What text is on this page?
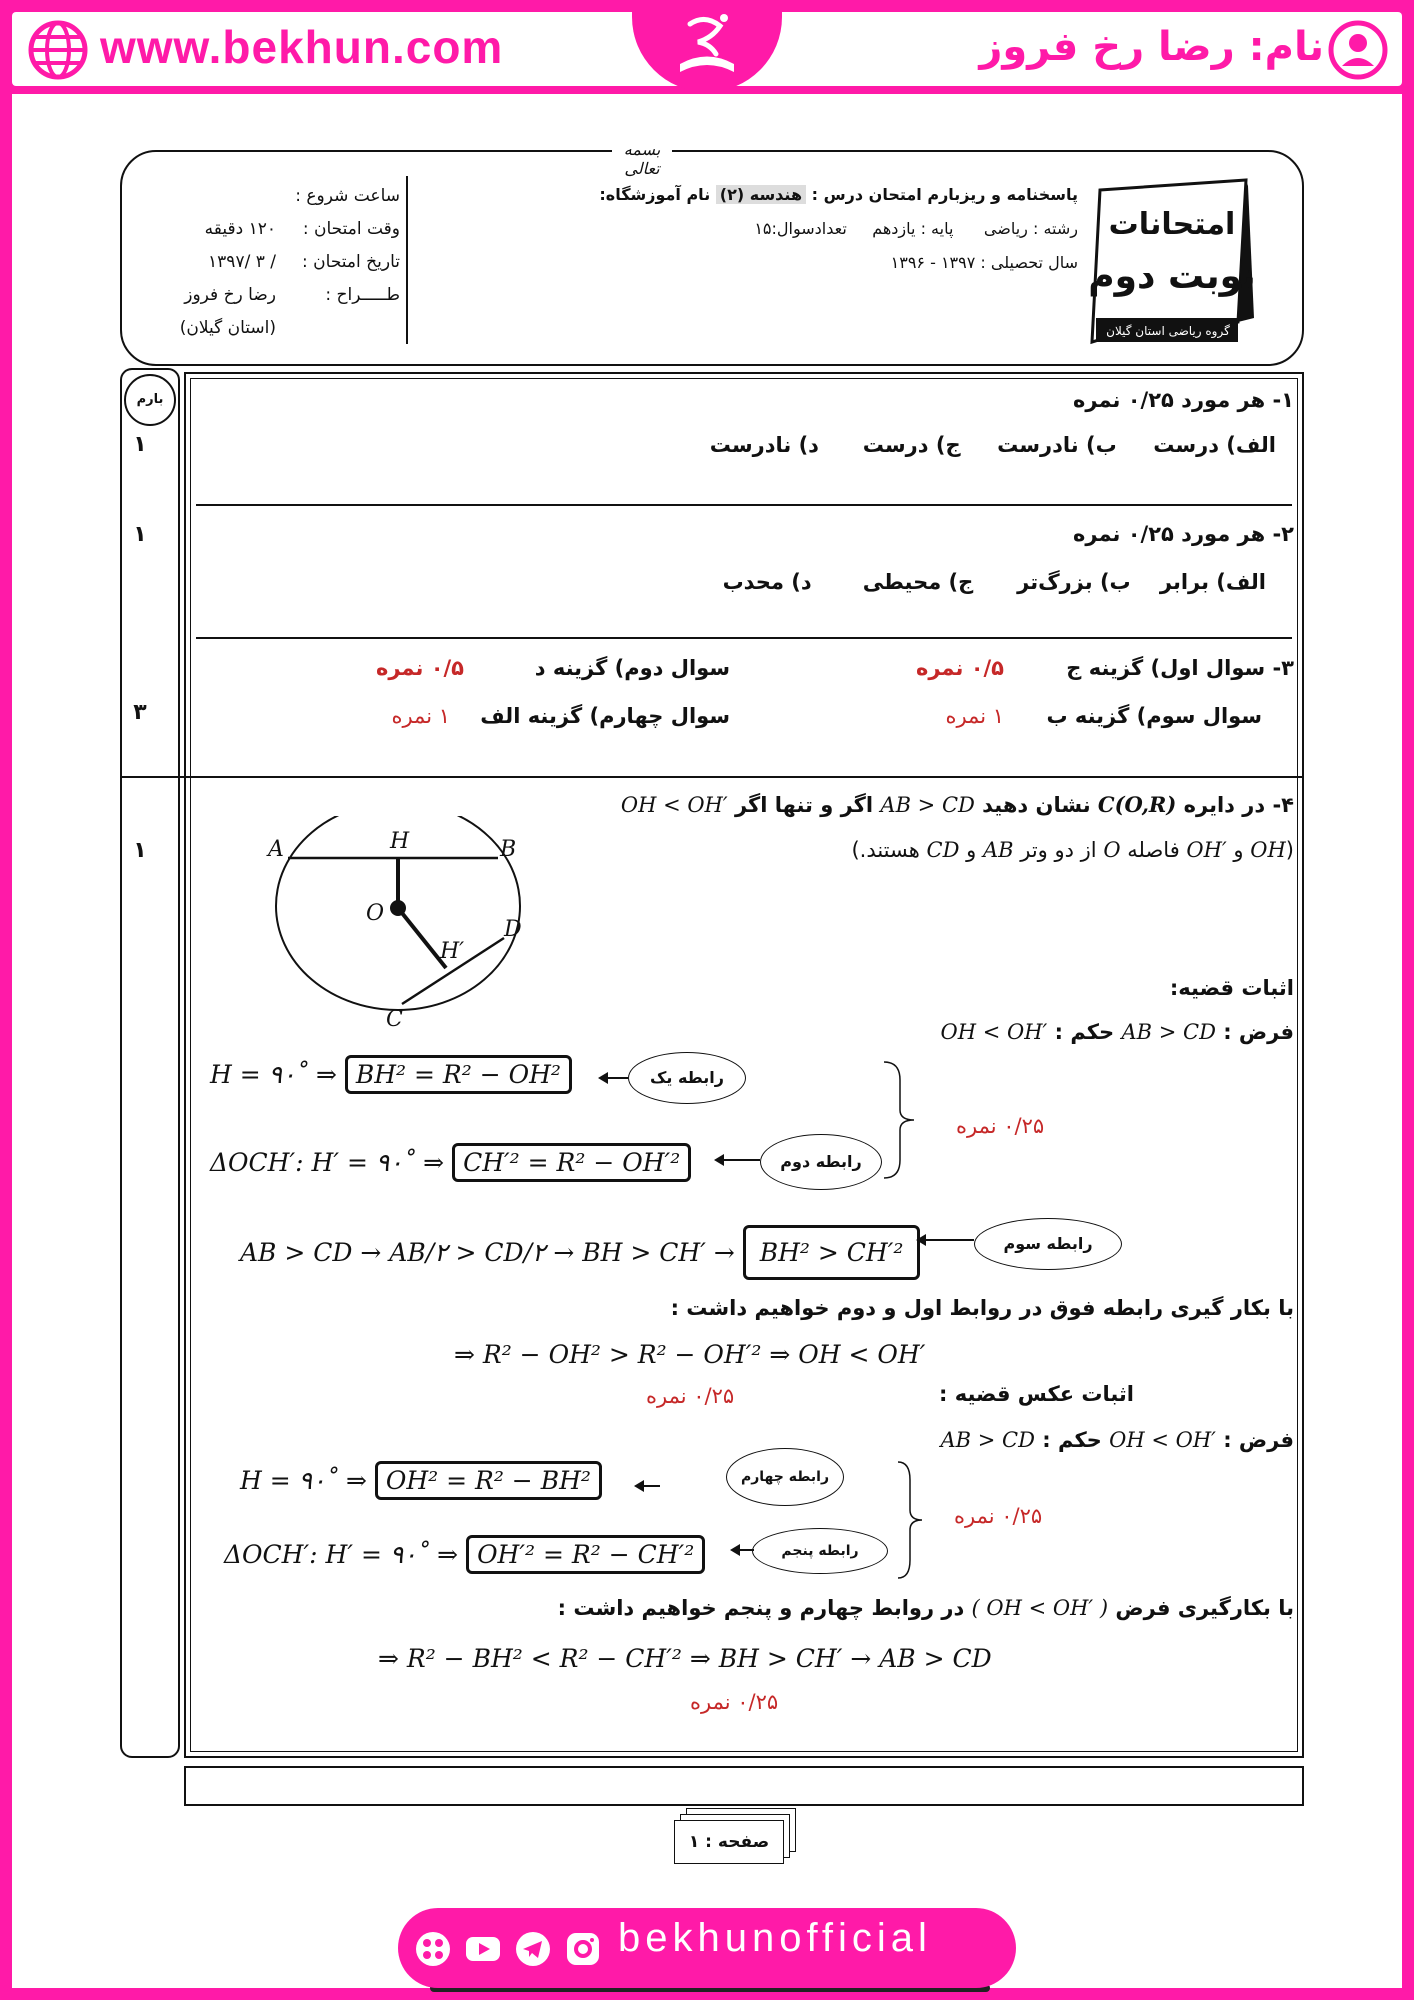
www.bekhun.com	نام: رضا رخ فروز
بسمه تعالی
امتحانات
نوبت دوم
گروه ریاضی استان گیلان
پاسخنامه و ریزبارم امتحان درس : هندسه (۲) نام آموزشگاه:
رشته : ریاضی      پایه : یازدهم     تعدادسوال:۱۵
سال تحصیلی : ۱۳۹۷ - ۱۳۹۶
ساعت شروع :
وقت امتحان :
۱۲۰ دقیقه
تاریخ امتحان :
/ ۳ /۱۳۹۷
طـــــراح :
رضا رخ فروز
(استان گیلان)
بارم
۱
۱- هر مورد ۰/۲۵ نمره
الف) درست     ب) نادرست     ج) درست      د) نادرست
۱	۲- هر مورد ۰/۲۵ نمره
الف) برابر    ب) بزرگ‌تر      ج) محیطی       د) محدب
۳
۳- سوال اول) گزینه ج
۰/۵ نمره
سوال دوم) گزینه د
۰/۵ نمره
سوال سوم) گزینه ب
۱ نمره
سوال چهارم) گزینه الف
۱ نمره
۱
۴- در دایره C(O,R) نشان دهید AB > CD اگر و تنها اگر OH < OH′
(OH و OH′ فاصله O از دو وتر AB و CD هستند.)
A	H	B
O
H′
D
C
اثبات قضیه:
فرض : AB > CD حکم : OH < OH′
H = ۹۰˚ ⇒ BH² = R² − OH²	رابطه یک
ΔOCH′: H′ = ۹۰˚ ⇒ CH′² = R² − OH′²	رابطه دوم
۰/۲۵ نمره
AB > CD → AB/۲ > CD/۲ → BH > CH′ → BH² > CH′²	رابطه سوم
با بکار گیری رابطه فوق در روابط اول و دوم خواهیم داشت :
⇒ R² − OH² > R² − OH′² ⇒ OH < OH′
۰/۲۵ نمره	اثبات عکس قضیه :
فرض : OH < OH′ حکم : AB > CD
H = ۹۰˚ ⇒ OH² = R² − BH²	رابطه چهارم
ΔOCH′: H′ = ۹۰˚ ⇒ OH′² = R² − CH′²	رابطه پنجم
۰/۲۵ نمره
با بکارگیری فرض ( OH < OH′ ) در روابط چهارم و پنجم خواهیم داشت :
⇒ R² − BH² < R² − CH′² ⇒ BH > CH′ → AB > CD
۰/۲۵ نمره
صفحه : ۱
bekhunofficial
